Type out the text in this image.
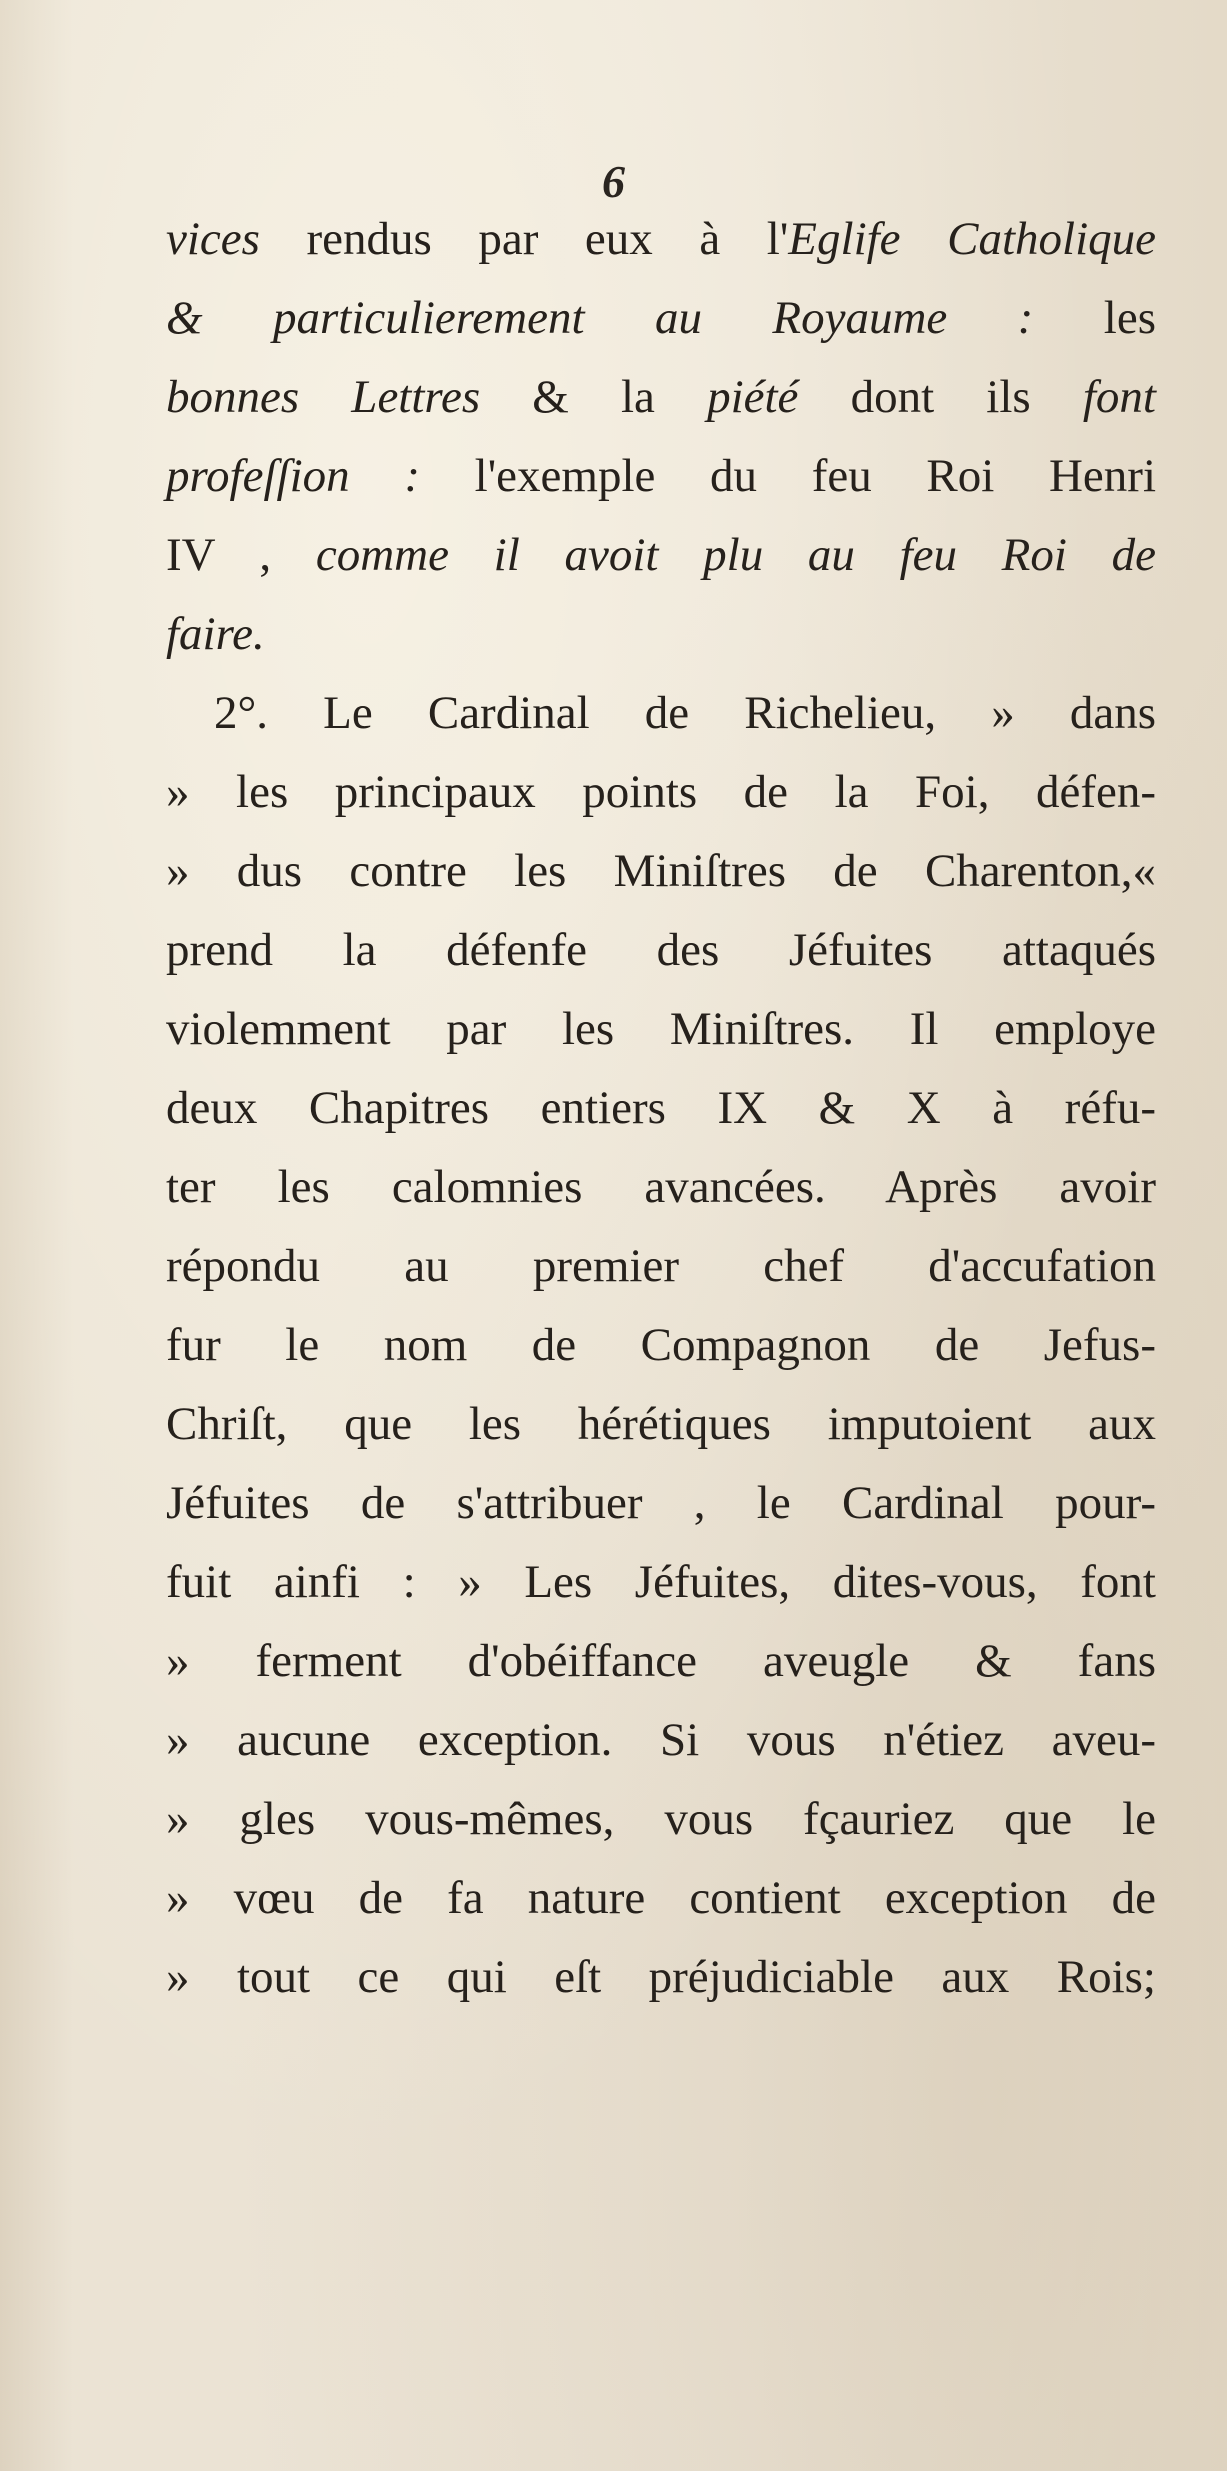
6
vices rendus par eux à l'Eglife Catholique
& particulierement au Royaume : les
bonnes Lettres & la piété dont ils font
profeſſion : l'exemple du feu Roi Henri
IV , comme il avoit plu au feu Roi de
faire.
2°. Le Cardinal de Richelieu, » dans
» les principaux points de la Foi, défen-
» dus contre les Miniſtres de Charenton,«
prend la défenfe des Jéfuites attaqués
violemment par les Miniſtres. Il employe
deux Chapitres entiers IX & X à réfu-
ter les calomnies avancées. Après avoir
répondu au premier chef d'accufation
fur le nom de Compagnon de Jefus-
Chriſt, que les hérétiques imputoient aux
Jéfuites de s'attribuer , le Cardinal pour-
fuit ainfi : » Les Jéfuites, dites-vous, font
» ferment d'obéiffance aveugle & fans
» aucune exception. Si vous n'étiez aveu-
» gles vous-mêmes, vous fçauriez que le
» vœu de fa nature contient exception de
» tout ce qui eſt préjudiciable aux Rois;
